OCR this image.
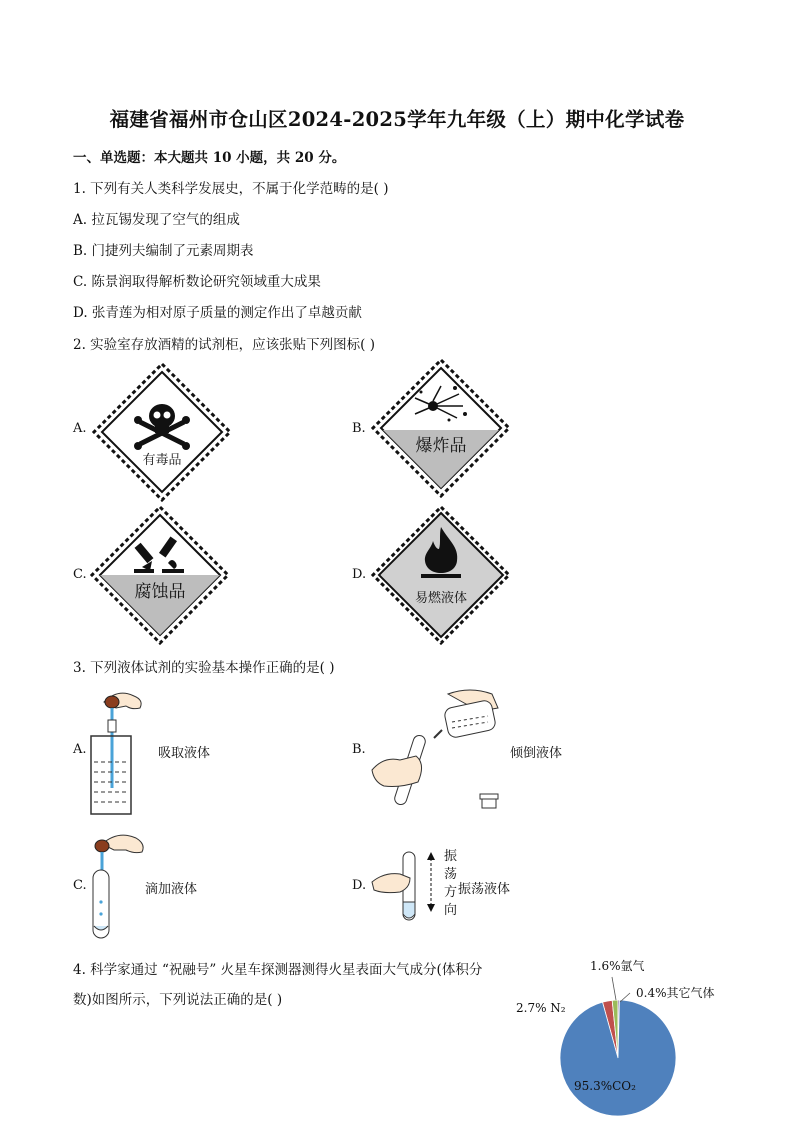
福建省福州市仓山区2024-2025学年九年级（上）期中化学试卷
一、单选题：本大题共 10 小题，共 20 分。
1. 下列有关人类科学发展史，不属于化学范畴的是( )
A. 拉瓦锡发现了空气的组成
B. 门捷列夫编制了元素周期表
C. 陈景润取得解析数论研究领域重大成果
D. 张青莲为相对原子质量的测定作出了卓越贡献
2. 实验室存放酒精的试剂柜，应该张贴下列图标( )
A.
有毒品
B.
爆炸品
C.
腐蚀品
D.
易燃液体
3. 下列液体试剂的实验基本操作正确的是( )
A.	吸取液体	B.	倾倒液体
C.	滴加液体	D.
振
荡
方
向
振荡液体
4. 科学家通过 “祝融号” 火星车探测器测得火星表面大气成分(体积分
数)如图所示，下列说法正确的是( )
95.3%CO₂
2.7% N₂
1.6%氩气
0.4%其它气体
